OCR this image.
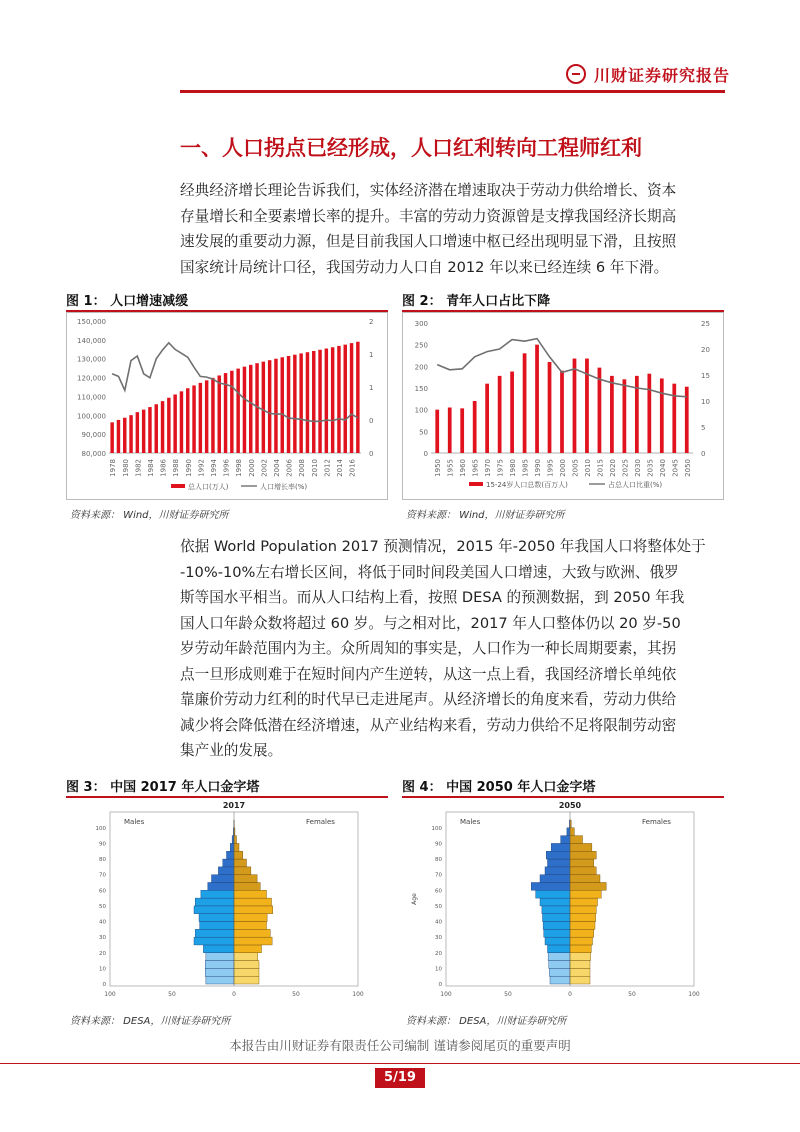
川财证券研究报告
一、人口拐点已经形成，人口红利转向工程师红利
经典经济增长理论告诉我们，实体经济潜在增速取决于劳动力供给增长、资本
存量增长和全要素增长率的提升。丰富的劳动力资源曾是支撑我国经济长期高
速发展的重要动力源，但是目前我国人口增速中枢已经出现明显下滑，且按照
国家统计局统计口径，我国劳动力人口自 2012 年以来已经连续 6 年下滑。
图 1： 人口增速减缓
150,000
140,000
130,000
120,000
110,000
100,000
90,000
80,000
2
1
1
0
0
1978 1980 1982 1984 1986 1988 1990 1992 1994 1996 1998 2000 2002 2004 2006 2008 2010 2012 2014 2016
总人口(万人)	人口增长率(%)
资料来源： Wind，川财证券研究所
图 2： 青年人口占比下降
300
250
200
150
100
50
0
25
20
15
10
5
0
1950 1955 1960 1965 1970 1975 1980 1985 1990 1995 2000 2005 2010 2015 2020 2025 2030 2035 2040 2045 2050
15-24岁人口总数(百万人)	占总人口比重(%)
资料来源： Wind，川财证券研究所
依据 World Population 2017 预测情况，2015 年-2050 年我国人口将整体处于
-10%-10%左右增长区间，将低于同时间段美国人口增速，大致与欧洲、俄罗
斯等国水平相当。而从人口结构上看，按照 DESA 的预测数据，到 2050 年我
国人口年龄众数将超过 60 岁。与之相对比，2017 年人口整体仍以 20 岁-50
岁劳动年龄范围内为主。众所周知的事实是，人口作为一种长周期要素，其拐
点一旦形成则难于在短时间内产生逆转，从这一点上看，我国经济增长单纯依
靠廉价劳动力红利的时代早已走进尾声。从经济增长的角度来看，劳动力供给
减少将会降低潜在经济增速，从产业结构来看，劳动力供给不足将限制劳动密
集产业的发展。
图 3： 中国 2017 年人口金字塔
2017
Males	Females
0
10
20
30
40
50
60
70
80
90
100
100	50	0	50	100
资料来源： DESA，川财证券研究所
图 4： 中国 2050 年人口金字塔
2050
Males	Females
Age
0
10
20
30
40
50
60
70
80
90
100
100	50	0	50	100
资料来源： DESA，川财证券研究所
本报告由川财证券有限责任公司编制 谨请参阅尾页的重要声明
5/19
